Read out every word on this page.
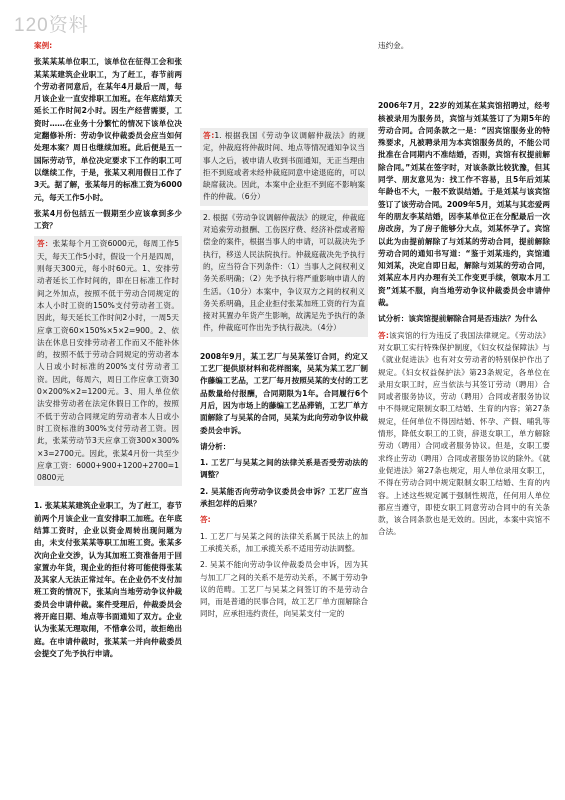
120资料

案例:

张某某某单位职工，该单位在征得工会和张某某某建筑企业职工，为了赶工，春节前两个劳动者同意后，在某年4月最后一周，每月该企业一直安排职工加班。在年底结算天延长工作时间2小时。因生产经营需要，工资时……在业务十分繁忙的情况下该单位决定翻修补所：劳动争议仲裁委员会应当如何处理本案？周日也继续加班。此后便是五一国际劳动节，单位决定要求下工作的职工可以继续工作，于是，张某又利用假日工作了3天。据了解，张某每月的标准工资为6000元，每天工作5小时。

张某4月份包括五一假期至少应该拿到多少工资？

答：张某每个月工资6000元，每周工作5天，每天工作5小时，假设一个月是四周，则每天300元，每小时60元。1、安排劳动者延长工作时间的，即在日标准工作时间之外加点，按照不低于劳动合同规定的本人小时工资的150%支付劳动者工资。因此，每天延长工作时间2小时，一周5天应拿工资60×150%×5×2=900。2、依法在休息日安排劳动者工作而又不能补休的，按照不低于劳动合同规定的劳动者本人日或小时标准的200%支付劳动者工资。因此，每周六，周日工作应拿工资300×200%×2=1200元。3、用人单位依法安排劳动者在法定休假日工作的，按照不低于劳动合同规定的劳动者本人日或小时工资标准的300%支付劳动者工资。因此，张某劳动节3天应拿工资300×300%×3=2700元。因此，张某4月份一共至少应拿工资：6000+900+1200+2700=10800元

1. 张某某某建筑企业职工，为了赶工，春节前两个月该企业一直安排职工加班。在年底结算工资时，企业以资金周转出现问题为由，未支付张某某等职工加班工资。张某多次向企业交涉，认为其加班工资准备用于回家置办年货，现企业的拒付将可能使得张某及其家人无法正常过年。在企业仍不支付加班工资的情况下，张某向当地劳动争议仲裁委员会申请仲裁。案件受理后，仲裁委员会将开庭日期、地点等书面通知了双方。企业认为张某无理取闹，不惜拿公司，故拒绝出庭。在申请仲裁时，张某某一并向仲裁委员会提交了先予执行申请。

答:1. 根据我国《劳动争议调解仲裁法》的规定，仲裁庭将仲裁时间、地点等情况通知争议当事人之后，被申请人收到书面通知，无正当理由拒不到庭或者未经仲裁庭同意中途退庭的，可以缺席裁决。因此，本案中企业拒不到庭不影响案件的仲裁。（6分）

2. 根据《劳动争议调解仲裁法》的规定，仲裁庭对追索劳动报酬、工伤医疗费、经济补偿或者赔偿金的案件，根据当事人的申请，可以裁决先予执行，移送人民法院执行。仲裁庭裁决先予执行的，应当符合下列条件：（1）当事人之间权利义务关系明确；（2）先予执行将严重影响申请人的生活。（10分）本案中，争议双方之间的权利义务关系明确，且企业拒付张某加班工资的行为直接对其置办年货产生影响，故满足先予执行的条件，仲裁庭可作出先予执行裁决。（4分）

2008年9月，某工艺厂与吴某签订合同，约定又工艺厂提供原材料和花样图案，吴某为某工艺厂制作藤编工艺品，工艺厂每月按照吴某的支付的工艺品数量给付报酬，合同期限为1年。合同履行6个月后，因为市场上的藤编工艺品滞销，工艺厂单方面解除了与吴某的合同，吴某为此向劳动争议仲裁委员会申诉。

请分析：

1. 工艺厂与吴某之间的法律关系是否受劳动法的调整？

2. 吴某能否向劳动争议委员会申诉？工艺厂应当承担怎样的后果？

答:

1. 工艺厂与吴某之间的法律关系属于民法上的加工承揽关系，加工承揽关系不适用劳动法调整。

2. 吴某不能向劳动争议仲裁委员会申诉，因为其与加工厂之间的关系不是劳动关系，不属于劳动争议的范畴。工艺厂与吴某之间签订的不是劳动合同，而是普通的民事合同，故工艺厂单方面解除合同时，应承担违约责任，向吴某支付一定的

违约金。

2006年7月，22岁的刘某在某宾馆招聘过，经考核被录用为服务员，宾馆与刘某签订了为期5年的劳动合同。合同条款之一是：“因宾馆服务业的特殊要求，凡被聘录用为本宾馆服务员的，不能公司批准在合同期内不准结婚，否则，宾馆有权提前解除合同。”刘某在签字时，对该条款比较犹豫，但其同学、朋友意见为：找工作不容易，且5年后刘某年龄也不大，一般不致误结婚。于是刘某与该宾馆签订了该劳动合同。2009年5月，刘某与其恋爱两年的朋友李某结婚，因李某单位正在分配最后一次房改房，为了房子能够分大点，刘某怀孕了。宾馆以此为由提前解除了与刘某的劳动合同，提前解除劳动合同的通知书写道：“鉴于刘某违约，宾馆通知刘某，决定自即日起，解除与刘某的劳动合同，刘某应本月内办理有关工作变更手续，领取本月工资”刘某不服，向当地劳动争议仲裁委员会申请仲裁。

试分析：该宾馆提前解除合同是否违法？为什么

答:该宾馆的行为违反了我国法律规定。《劳动法》对女职工实行特殊保护制度，《妇女权益保障法》与《就业促进法》也有对女劳动者的特别保护作出了规定。《妇女权益保护法》第23条规定，各单位在录用女职工时，应当依法与其签订劳动（聘用）合同或者服务协议，劳动（聘用）合同或者服务协议中不得规定限制女职工结婚、生育的内容；第27条规定，任何单位不得因结婚、怀孕、产假、哺乳等情形，降低女职工的工资，辞退女职工，单方解除劳动（聘用）合同或者服务协议。但是，女职工要求终止劳动（聘用）合同或者服务协议的除外。《就业促进法》第27条也规定，用人单位录用女职工，不得在劳动合同中规定限制女职工结婚、生育的内容。上述这些规定属于强制性规范，任何用人单位都应当遵守，即使女职工同意劳动合同中的有关条款，该合同条款也是无效的。因此，本案中宾馆不合法。
